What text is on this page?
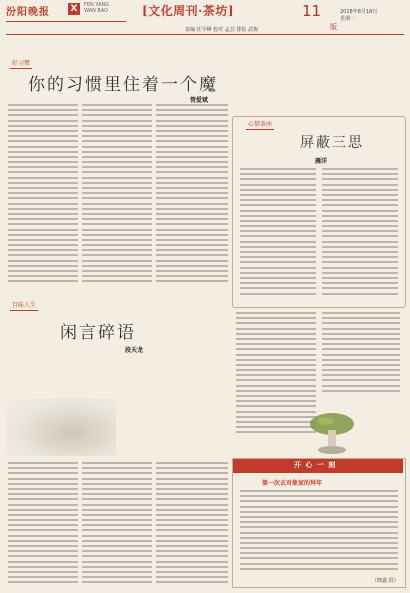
汾阳晚报 X	FEN YANG
WAN BAO	[文化周刊·茶坊]	11
版
2018年8月18日
星期一
责编 任学峰 校对 孟芸 排版 武梅
好习惯
你的习惯里住着一个魔
管爱斌
心情茶座
屏蔽三思
雁洋
百味人生
闲言碎语
段天龙
开 心 一 刻
第一次去对象家的拜年
（晓鑫 供）
